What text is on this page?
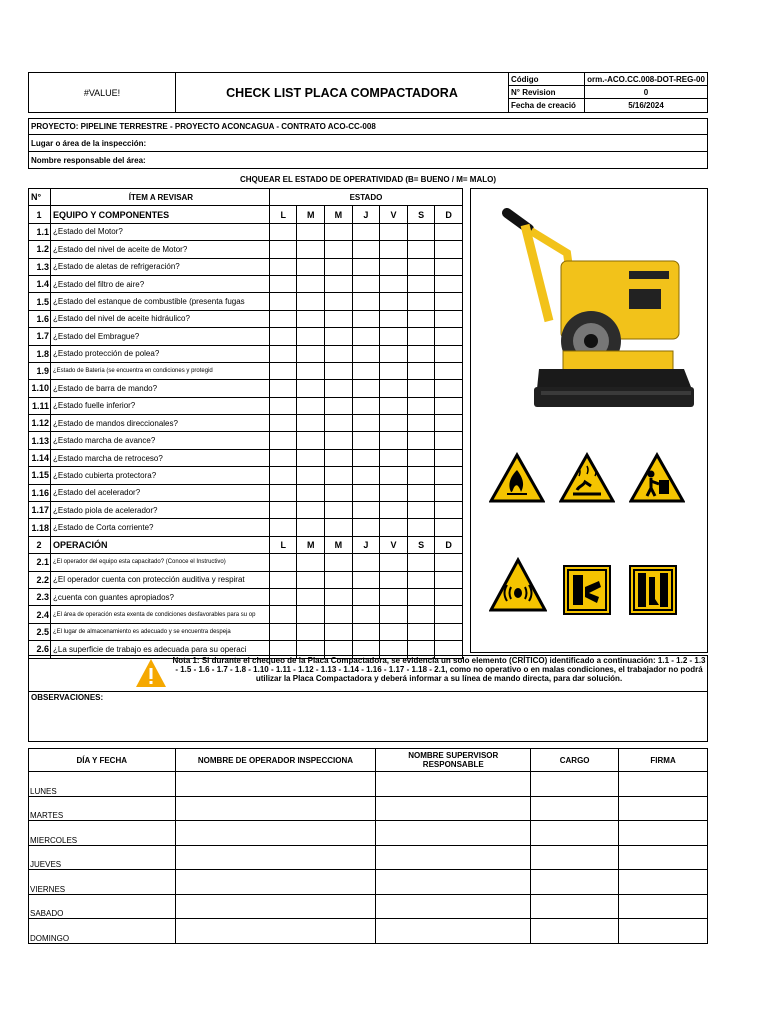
#VALUE!	CHECK LIST PLACA COMPACTADORA
Código	orm.-ACO.CC.008-DOT-REG-00
N° Revision	0
Fecha de creació	5/16/2024
PROYECTO: PIPELINE TERRESTRE - PROYECTO ACONCAGUA - CONTRATO ACO-CC-008
Lugar o área de la inspección:
Nombre responsable del área:
CHQUEAR EL ESTADO DE OPERATIVIDAD (B= BUENO / M= MALO)
N°	ÍTEM A REVISAR	ESTADO						
1	EQUIPO Y COMPONENTES	L	M	M	J	V	S	D
1.1	¿Estado del Motor?							
1.2	¿Estado del nivel de aceite de Motor?							
1.3	¿Estado de aletas de refrigeración?							
1.4	¿Estado del filtro de aire?							
1.5	¿Estado del estanque de combustible (presenta fugas							
1.6	¿Estado del nivel de aceite hidráulico?							
1.7	¿Estado del Embrague?							
1.8	¿Estado protección de polea?							
1.9	¿Estado de Batería (se encuentra en condiciones y protegid							
1.10	¿Estado de barra de mando?							
1.11	¿Estado fuelle inferior?							
1.12	¿Estado de mandos direccionales?							
1.13	¿Estado marcha de avance?							
1.14	¿Estado marcha de retroceso?							
1.15	¿Estado cubierta protectora?							
1.16	¿Estado del acelerador?							
1.17	¿Estado piola de acelerador?							
1.18	¿Estado de Corta corriente?							
2	OPERACIÓN	L	M	M	J	V	S	D
2.1	¿El operador del equipo esta capacitado? (Conoce el Instructivo)							
2.2	¿El operador cuenta con protección auditiva y respirat							
2.3	¿cuenta con guantes apropiados?							
2.4	¿El área de operación esta exenta de condiciones desfavorables para su op							
2.5	¿El lugar de almacenamiento es adecuado y se encuentra despeja							
2.6	¿La superficie de trabajo es adecuada para su operaci							
Nota 1: Si durante el chequeo de la Placa Compactadora, se evidencia un solo elemento (CRÍTICO) identificado a continuación: 1.1 - 1.2 - 1.3 - 1.5 - 1.6 - 1.7 - 1.8 - 1.10 - 1.11 - 1.12 - 1.13 - 1.14 - 1.16 - 1.17 - 1.18 - 2.1, como no operativo o en malas condiciones, el trabajador no podrá utilizar la Placa Compactadora y deberá informar a su línea de mando directa, para dar solución.
OBSERVACIONES:
DÍA Y FECHA	NOMBRE DE OPERADOR INSPECCIONA	NOMBRE SUPERVISOR RESPONSABLE	CARGO	FIRMA
LUNES				
MARTES				
MIERCOLES				
JUEVES				
VIERNES				
SABADO				
DOMINGO				
